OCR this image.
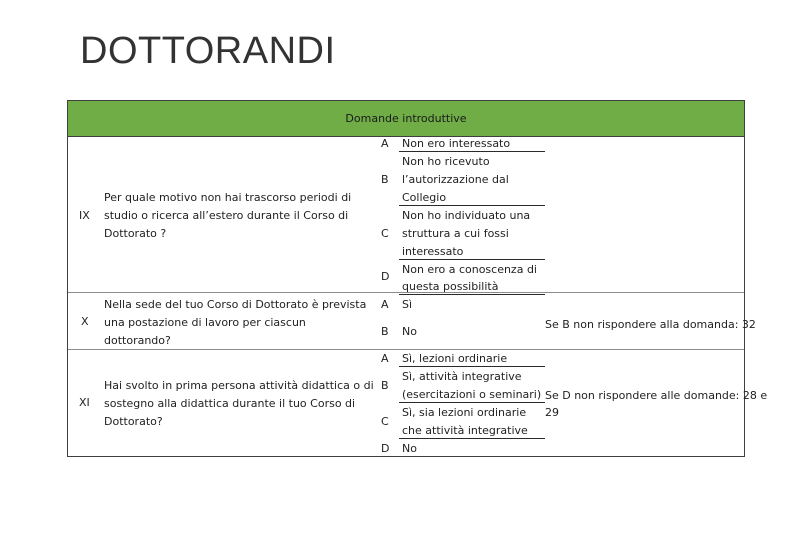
DOTTORANDI
Domande introduttive
IX
Per quale motivo non hai trascorso periodi di
studio o ricerca all’estero durante il Corso di
Dottorato ?
A
B
C
D
Non ero interessato
Non ho ricevuto
l’autorizzazione dal
Collegio
Non ho individuato una
struttura a cui fossi
interessato
Non ero a conoscenza di
questa possibilità
X
Nella sede del tuo Corso di Dottorato è prevista
una postazione di lavoro per ciascun
dottorando?
A
B
Sì
No
Se B non rispondere alla domanda: 32
XI
Hai svolto in prima persona attività didattica o di
sostegno alla didattica durante il tuo Corso di
Dottorato?
A
B
C
D
Sì, lezioni ordinarie
Sì, attività integrative
(esercitazioni o seminari)
Sì, sia lezioni ordinarie
che attività integrative
No
Se D non rispondere alle domande: 28 e
29
